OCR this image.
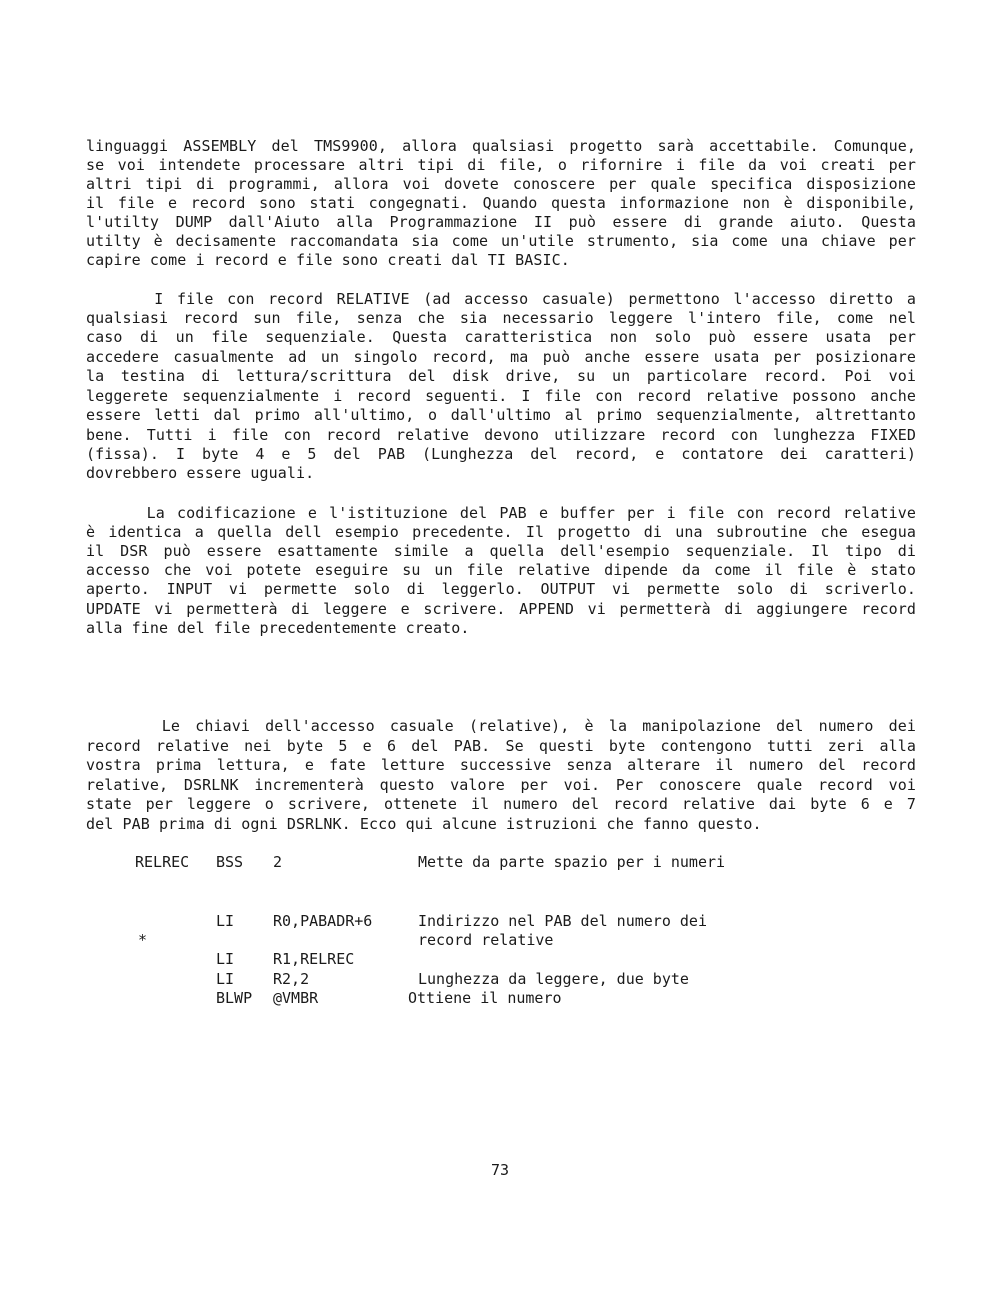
linguaggi ASSEMBLY del TMS9900, allora qualsiasi progetto sarà accettabile. Comunque,
se voi intendete processare altri tipi di file, o rifornire i file da voi creati per
altri tipi di programmi, allora voi dovete conoscere per quale specifica disposizione
il file e record sono stati congegnati. Quando questa informazione non è disponibile,
l'utilty DUMP dall'Aiuto alla Programmazione II può essere di grande aiuto. Questa
utilty è decisamente raccomandata sia come un'utile strumento, sia come una chiave per
capire come i record e file sono creati dal TI BASIC.
I file con record RELATIVE (ad accesso casuale) permettono l'accesso diretto a
qualsiasi record sun file, senza che sia necessario leggere l'intero file, come nel
caso di un file sequenziale. Questa caratteristica non solo può essere usata per
accedere casualmente ad un singolo record, ma può anche essere usata per posizionare
la testina di lettura/scrittura del disk drive, su un particolare record. Poi voi
leggerete sequenzialmente i record seguenti. I file con record relative possono anche
essere letti dal primo all'ultimo, o dall'ultimo al primo sequenzialmente, altrettanto
bene. Tutti i file con record relative devono utilizzare record con lunghezza FIXED
(fissa). I byte 4 e 5 del PAB (Lunghezza del record, e contatore dei caratteri)
dovrebbero essere uguali.
La codificazione e l'istituzione del PAB e buffer per i file con record relative
è identica a quella dell esempio precedente. Il progetto di una subroutine che esegua
il DSR può essere esattamente simile a quella dell'esempio sequenziale. Il tipo di
accesso che voi potete eseguire su un file relative dipende da come il file è stato
aperto. INPUT vi permette solo di leggerlo. OUTPUT vi permette solo di scriverlo.
UPDATE vi permetterà di leggere e scrivere. APPEND vi permetterà di aggiungere record
alla fine del file precedentemente creato.
Le chiavi dell'accesso casuale (relative), è la manipolazione del numero dei
record relative nei byte 5 e 6 del PAB. Se questi byte contengono tutti zeri alla
vostra prima lettura, e fate letture successive senza alterare il numero del record
relative, DSRLNK incrementerà questo valore per voi. Per conoscere quale record voi
state per leggere o scrivere, ottenete il numero del record relative dai byte 6 e 7
del PAB prima di ogni DSRLNK. Ecco qui alcune istruzioni che fanno questo.
RELREC BSS 2	Mette da parte spazio per i numeri
LI	R0,PABADR+6	Indirizzo nel PAB del numero dei
*	record relative
LI	R1,RELREC
LI	R2,2	Lunghezza da leggere, due byte
BLWP @VMBR	Ottiene il numero
73
